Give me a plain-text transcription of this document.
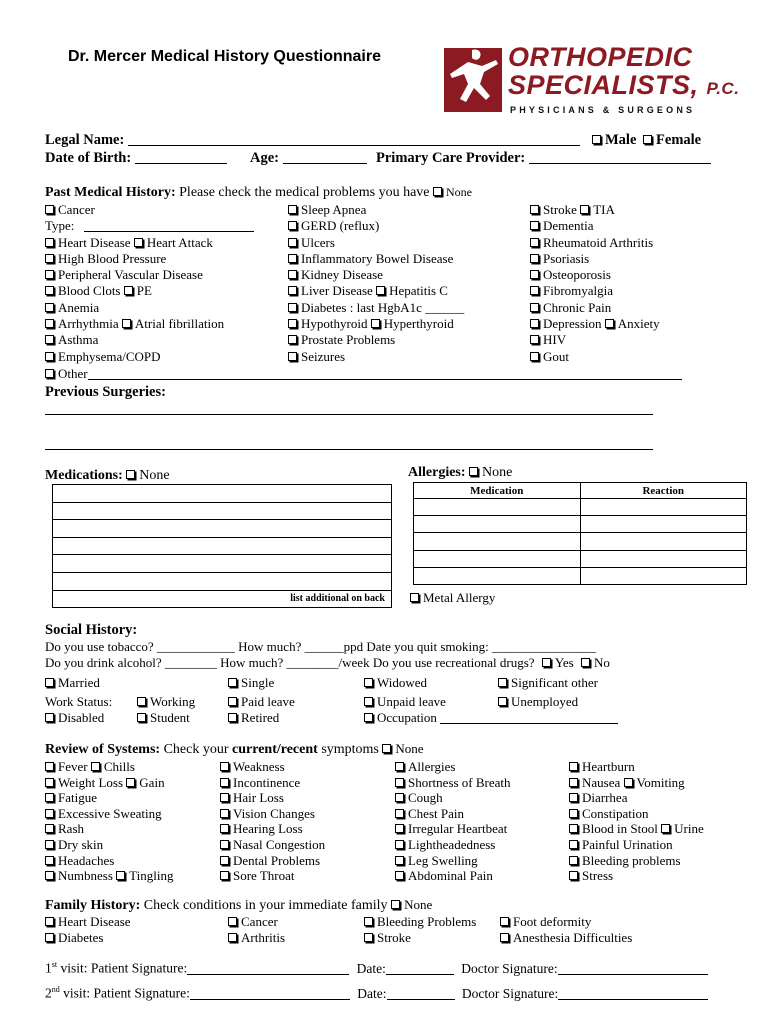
Dr. Mercer Medical History Questionnaire	ORTHOPEDIC
SPECIALISTS, P.C.
PHYSICIANS & SURGEONS
Legal Name:	Male Female
Date of Birth:	Age:	Primary Care Provider:
Past Medical History: Please check the medical problems you have None
Cancer
Type:
Heart Disease Heart Attack
High Blood Pressure
Peripheral Vascular Disease
Blood Clots PE
Anemia
Arrhythmia Atrial fibrillation
Asthma
Emphysema/COPD
Sleep Apnea
GERD (reflux)
Ulcers
Inflammatory Bowel Disease
Kidney Disease
Liver Disease Hepatitis C
Diabetes : last HgbA1c ______
Hypothyroid Hyperthyroid
Prostate Problems
Seizures
Stroke TIA
Dementia
Rheumatoid Arthritis
Psoriasis
Osteoporosis
Fibromyalgia
Chronic Pain
Depression Anxiety
HIV
Gout
Other
Previous Surgeries:
Medications: None

list additional on back
Allergies: None
Medication	Reaction

Metal Allergy
Social History:
Do you use tobacco? ____________ How much? ______ppd Date you quit smoking: ________________
Do you drink alcohol? ________ How much? ________/week Do you use recreational drugs? Yes No
Married	Single	Widowed	Significant other
Work Status:	Working	Paid leave	Unpaid leave	Unemployed
Disabled	Student	Retired	Occupation
Review of Systems: Check your current/recent symptoms None
Fever Chills
Weight Loss Gain
Fatigue
Excessive Sweating
Rash
Dry skin
Headaches
Numbness Tingling
Weakness
Incontinence
Hair Loss
Vision Changes
Hearing Loss
Nasal Congestion
Dental Problems
Sore Throat
Allergies
Shortness of Breath
Cough
Chest Pain
Irregular Heartbeat
Lightheadedness
Leg Swelling
Abdominal Pain
Heartburn
Nausea Vomiting
Diarrhea
Constipation
Blood in Stool Urine
Painful Urination
Bleeding problems
Stress
Family History: Check conditions in your immediate family None
Heart Disease	Cancer	Bleeding Problems	Foot deformity
Diabetes	Arthritis	Stroke	Anesthesia Difficulties
1st visit: Patient Signature:	Date:	Doctor Signature:
2nd visit: Patient Signature:	Date:	Doctor Signature:
